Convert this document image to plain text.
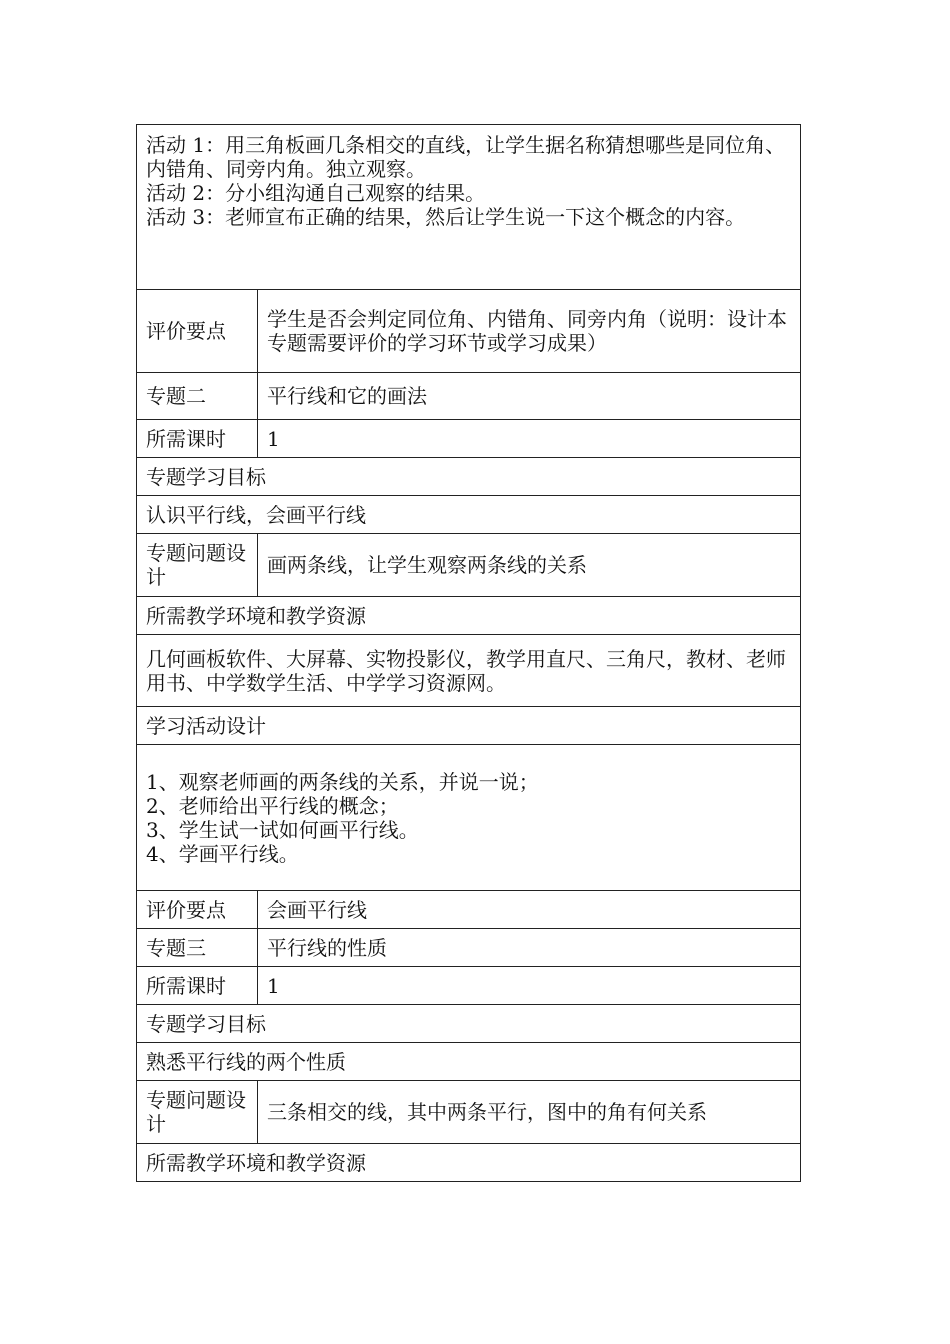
活动 1：用三角板画几条相交的直线，让学生据名称猜想哪些是同位角、内错角、同旁内角。独立观察。
活动 2：分小组沟通自己观察的结果。
活动 3：老师宣布正确的结果，然后让学生说一下这个概念的内容。	
评价要点	学生是否会判定同位角、内错角、同旁内角（说明：设计本专题需要评价的学习环节或学习成果）
专题二	平行线和它的画法
所需课时	1
专题学习目标	
认识平行线，会画平行线	
专题问题设计	画两条线，让学生观察两条线的关系
所需教学环境和教学资源	
几何画板软件、大屏幕、实物投影仪，教学用直尺、三角尺，教材、老师用书、中学数学生活、中学学习资源网。	
学习活动设计	
1、观察老师画的两条线的关系，并说一说；
2、老师给出平行线的概念；
3、学生试一试如何画平行线。
4、学画平行线。	
评价要点	会画平行线
专题三	平行线的性质
所需课时	1
专题学习目标	
熟悉平行线的两个性质	
专题问题设计	三条相交的线，其中两条平行，图中的角有何关系
所需教学环境和教学资源	
